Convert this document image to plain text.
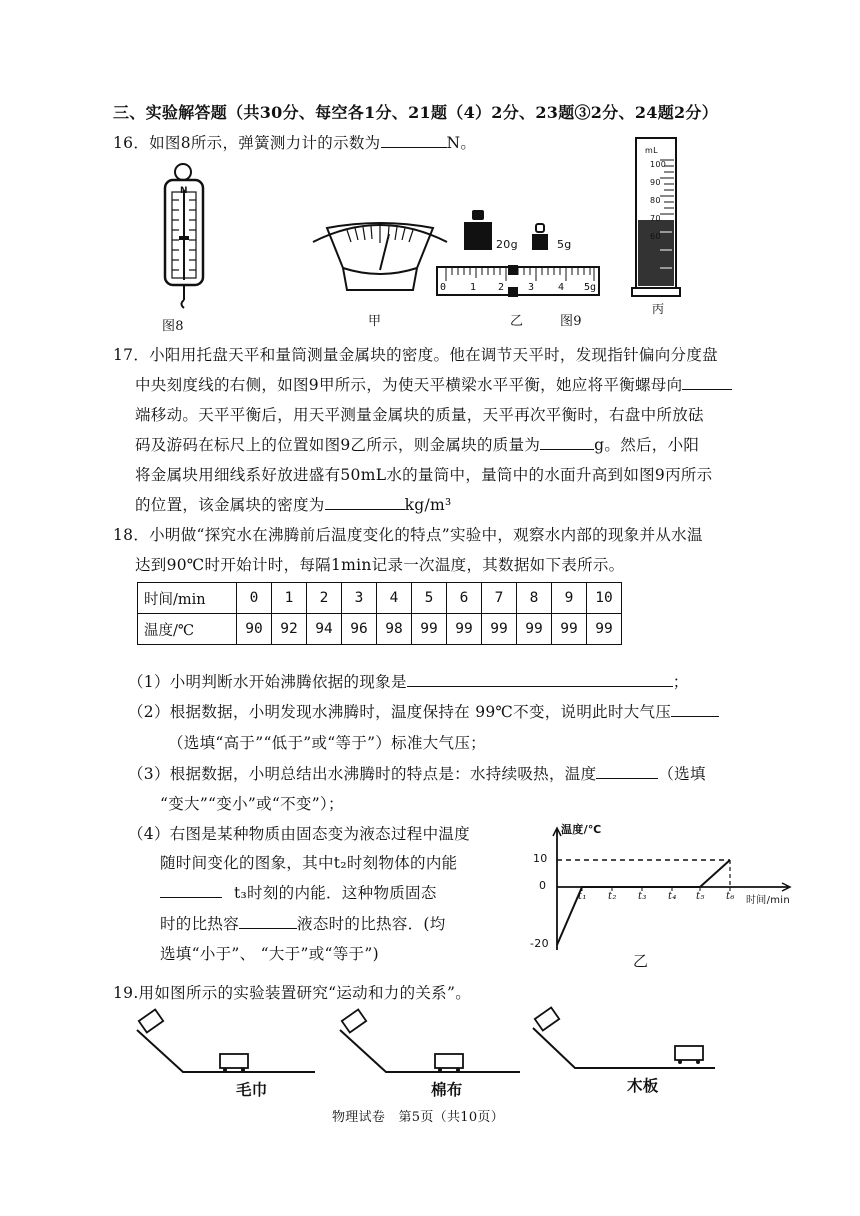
三、实验解答题（共30分、每空各1分、21题（4）2分、23题③2分、24题2分）
16．如图8所示，弹簧测力计的示数为	N。
N
图8	甲
20g	5g
0 1 2 3 4 5g
乙	图9
mL
100
90
80
70
60
丙
17．小阳用托盘天平和量筒测量金属块的密度。他在调节天平时，发现指针偏向分度盘
中央刻度线的右侧，如图9甲所示，为使天平横梁水平平衡，她应将平衡螺母向
端移动。天平平衡后，用天平测量金属块的质量，天平再次平衡时，右盘中所放砝
码及游码在标尺上的位置如图9乙所示，则金属块的质量为	g。然后，小阳
将金属块用细线系好放进盛有50mL水的量筒中，量筒中的水面升高到如图9丙所示
的位置，该金属块的密度为	kg/m³
18．小明做“探究水在沸腾前后温度变化的特点”实验中，观察水内部的现象并从水温
达到90℃时开始计时，每隔1min记录一次温度，其数据如下表所示。
时间/min	0	1	2	3	4	5	6	7	8	9	10
温度/℃	90	92	94	96	98	99	99	99	99	99	99
（1）小明判断水开始沸腾依据的现象是	；
（2）根据数据，小明发现水沸腾时，温度保持在 99℃不变，说明此时大气压
（选填“高于”“低于”或“等于”）标准大气压；
（3）根据数据，小明总结出水沸腾时的特点是：水持续吸热，温度	（选填
“变大”“变小”或“不变”）；
（4）右图是某种物质由固态变为液态过程中温度
随时间变化的图象，其中t₂时刻物体的内能
t₃时刻的内能．这种物质固态
时的比热容	液态时的比热容．(均
选填“小于”、 “大于”或“等于”)
温度/℃
10
0
-20
t₁ t₂ t₃ t₄ t₅ t₆ 时间/min
乙
19.用如图所示的实验装置研究“运动和力的关系”。
毛巾	棉布	木板
物理试卷　第5页（共10页）
